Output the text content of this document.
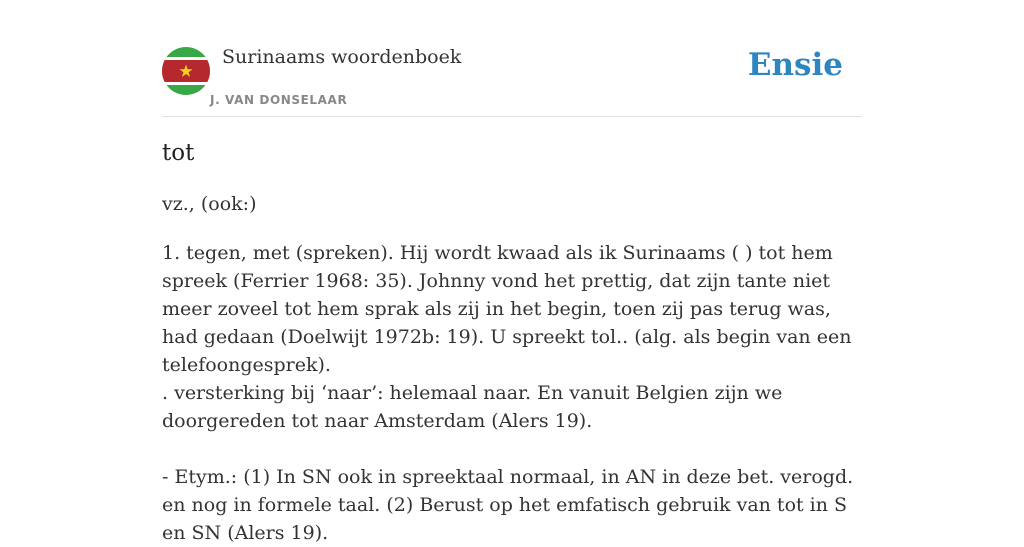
Surinaams woordenboek
J. VAN DONSELAAR
Ensie
tot
vz., (ook:)

1. tegen, met (spreken). Hij wordt kwaad als ik Surinaams ( ) tot hem spreek (Ferrier 1968: 35). Johnny vond het prettig, dat zijn tante niet meer zoveel tot hem sprak als zij in het begin, toen zij pas terug was, had gedaan (Doelwijt 1972b: 19). U spreekt tol.. (alg. als begin van een telefoongesprek).

. versterking bij ‘naar’: helemaal naar. En vanuit Belgien zijn we doorgereden tot naar Amsterdam (Alers 19).

- Etym.: (1) In SN ook in spreektaal normaal, in AN in deze bet. verogd. en nog in formele taal. (2) Berust op het emfatisch gebruik van tot in S en SN (Alers 19).
